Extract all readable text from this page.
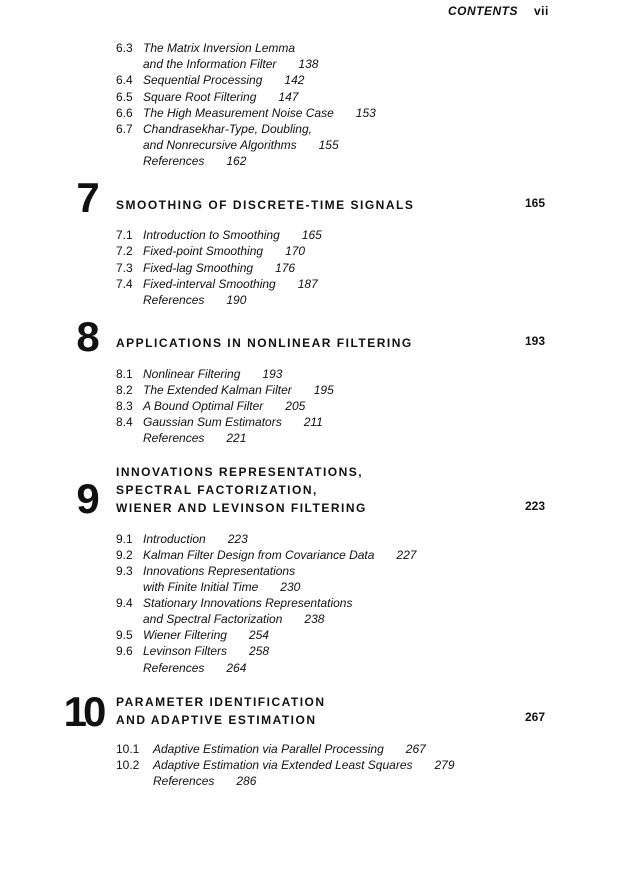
CONTENTS vii
6.3 The Matrix Inversion Lemma
and the Information Filter 138
6.4 Sequential Processing 142
6.5 Square Root Filtering 147
6.6 The High Measurement Noise Case 153
6.7 Chandrasekhar-Type, Doubling,
and Nonrecursive Algorithms 155
References 162
7	SMOOTHING OF DISCRETE-TIME SIGNALS	165
7.1 Introduction to Smoothing 165
7.2 Fixed-point Smoothing 170
7.3 Fixed-lag Smoothing 176
7.4 Fixed-interval Smoothing 187
References 190
8	APPLICATIONS IN NONLINEAR FILTERING	193
8.1 Nonlinear Filtering 193
8.2 The Extended Kalman Filter 195
8.3 A Bound Optimal Filter 205
8.4 Gaussian Sum Estimators 211
References 221
9
INNOVATIONS REPRESENTATIONS,
SPECTRAL FACTORIZATION,
WIENER AND LEVINSON FILTERING	223
9.1 Introduction 223
9.2 Kalman Filter Design from Covariance Data 227
9.3 Innovations Representations
with Finite Initial Time 230
9.4 Stationary Innovations Representations
and Spectral Factorization 238
9.5 Wiener Filtering 254
9.6 Levinson Filters 258
References 264
10	PARAMETER IDENTIFICATION
AND ADAPTIVE ESTIMATION	267
10.1 Adaptive Estimation via Parallel Processing 267
10.2 Adaptive Estimation via Extended Least Squares 279
References 286
